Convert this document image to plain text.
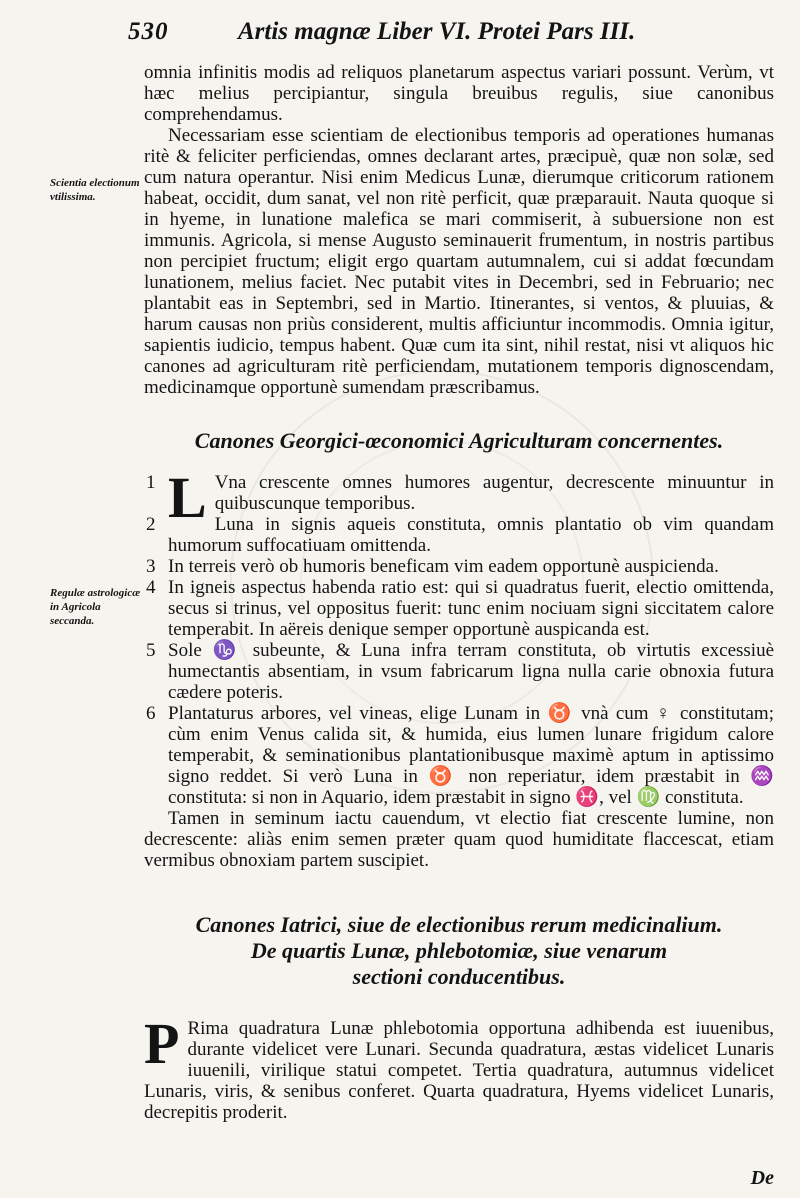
530	Artis magnæ Liber VI. Protei Pars III.

omnia infinitis modis ad reliquos planetarum aspectus variari possunt. Verùm, vt hæc melius percipiantur, singula breuibus regulis, siue canonibus comprehendamus.

Necessariam esse scientiam de electionibus temporis ad operationes humanas ritè & feliciter perficiendas, omnes declarant artes, præcipuè, quæ non solæ, sed cum natura operantur. Nisi enim Medicus Lunæ, dierumque criticorum rationem habeat, occidit, dum sanat, vel non ritè perficit, quæ præparauit. Nauta quoque si in hyeme, in lunatione malefica se mari commiserit, à subuersione non est immunis. Agricola, si mense Augusto seminauerit frumentum, in nostris partibus non percipiet fructum; eligit ergo quartam autumnalem, cui si addat fœcundam lunationem, melius faciet. Nec putabit vites in Decembri, sed in Februario; nec plantabit eas in Septembri, sed in Martio. Itinerantes, si ventos, & pluuias, & harum causas non priùs considerent, multis afficiuntur incommodis. Omnia igitur, sapientis iudicio, tempus habent. Quæ cum ita sint, nihil restat, nisi vt aliquos hic canones ad agriculturam ritè perficiendam, mutationem temporis dignoscendam, medicinamque opportunè sumendam præscribamus.

Scientia electionum vtilissima.
Canones Georgici-œconomici Agriculturam concernentes.

1 L Vna crescente omnes humores augentur, decrescente minuuntur in quibuscunque temporibus.

2	Luna in signis aqueis constituta, omnis plantatio ob vim quandam humorum suffocatiuam omittenda.

3 In terreis verò ob humoris beneficam vim eadem opportunè auspicienda.

4 In igneis aspectus habenda ratio est: qui si quadratus fuerit, electio omittenda, secus si trinus, vel oppositus fuerit: tunc enim nociuam signi siccitatem calore temperabit. In aëreis denique semper opportunè auspicanda est.

5 Sole ♑ subeunte, & Luna infra terram constituta, ob virtutis excessiuè humectantis absentiam, in vsum fabricarum ligna nulla carie obnoxia futura cædere poteris.

6 Plantaturus arbores, vel vineas, elige Lunam in ♉ vnà cum ♀ constitutam; cùm enim Venus calida sit, & humida, eius lumen lunare frigidum calore temperabit, & seminationibus plantationibusque maximè aptum in aptissimo signo reddet. Si verò Luna in ♉ non reperiatur, idem præstabit in ♒ constituta: si non in Aquario, idem præstabit in signo ♓, vel ♍ constituta.

Tamen in seminum iactu cauendum, vt electio fiat crescente lumine, non decrescente: aliàs enim semen præter quam quod humiditate flaccescat, etiam vermibus obnoxiam partem suscipiet.

Regulæ astrologicæ in Agricola seccanda.
Canones Iatrici, siue de electionibus rerum medicinalium.
De quartis Lunæ, phlebotomiæ, siue venarum
sectioni conducentibus.

P Rima quadratura Lunæ phlebotomia opportuna adhibenda est iuuenibus, durante videlicet vere Lunari. Secunda quadratura, æstas videlicet Lunaris iuuenili, virilique statui competet. Tertia quadratura, autumnus videlicet Lunaris, viris, & senibus conferet. Quarta quadratura, Hyems videlicet Lunaris, decrepitis proderit.

De
